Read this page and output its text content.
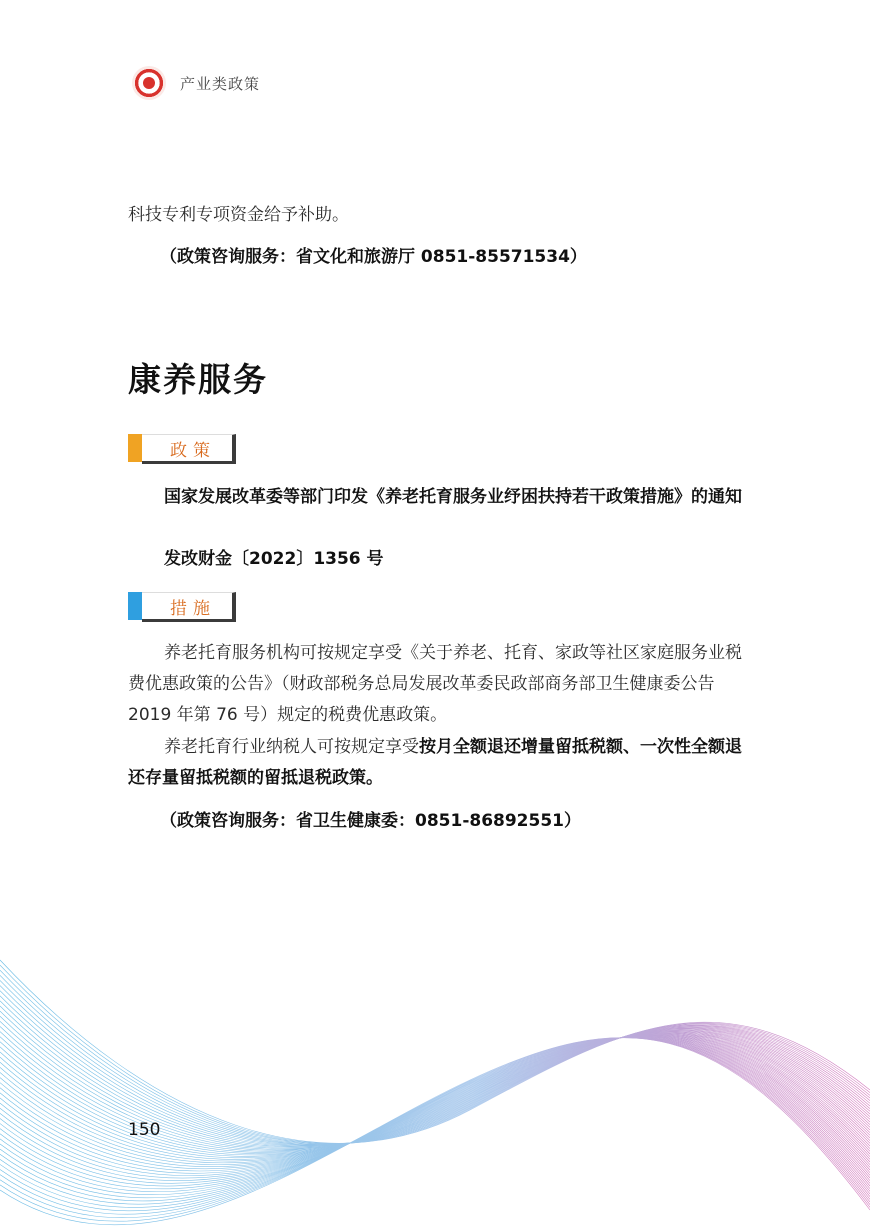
产业类政策
科技专利专项资金给予补助。
（政策咨询服务：省文化和旅游厅 0851-85571534）
康养服务
政策
国家发展改革委等部门印发《养老托育服务业纾困扶持若干政策措施》的通知
发改财金〔2022〕1356 号
措施
养老托育服务机构可按规定享受《关于养老、托育、家政等社区家庭服务业税费优惠政策的公告》（财政部税务总局发展改革委民政部商务部卫生健康委公告 2019 年第 76 号）规定的税费优惠政策。
养老托育行业纳税人可按规定享受按月全额退还增量留抵税额、一次性全额退还存量留抵税额的留抵退税政策。
（政策咨询服务：省卫生健康委：0851-86892551）
150
